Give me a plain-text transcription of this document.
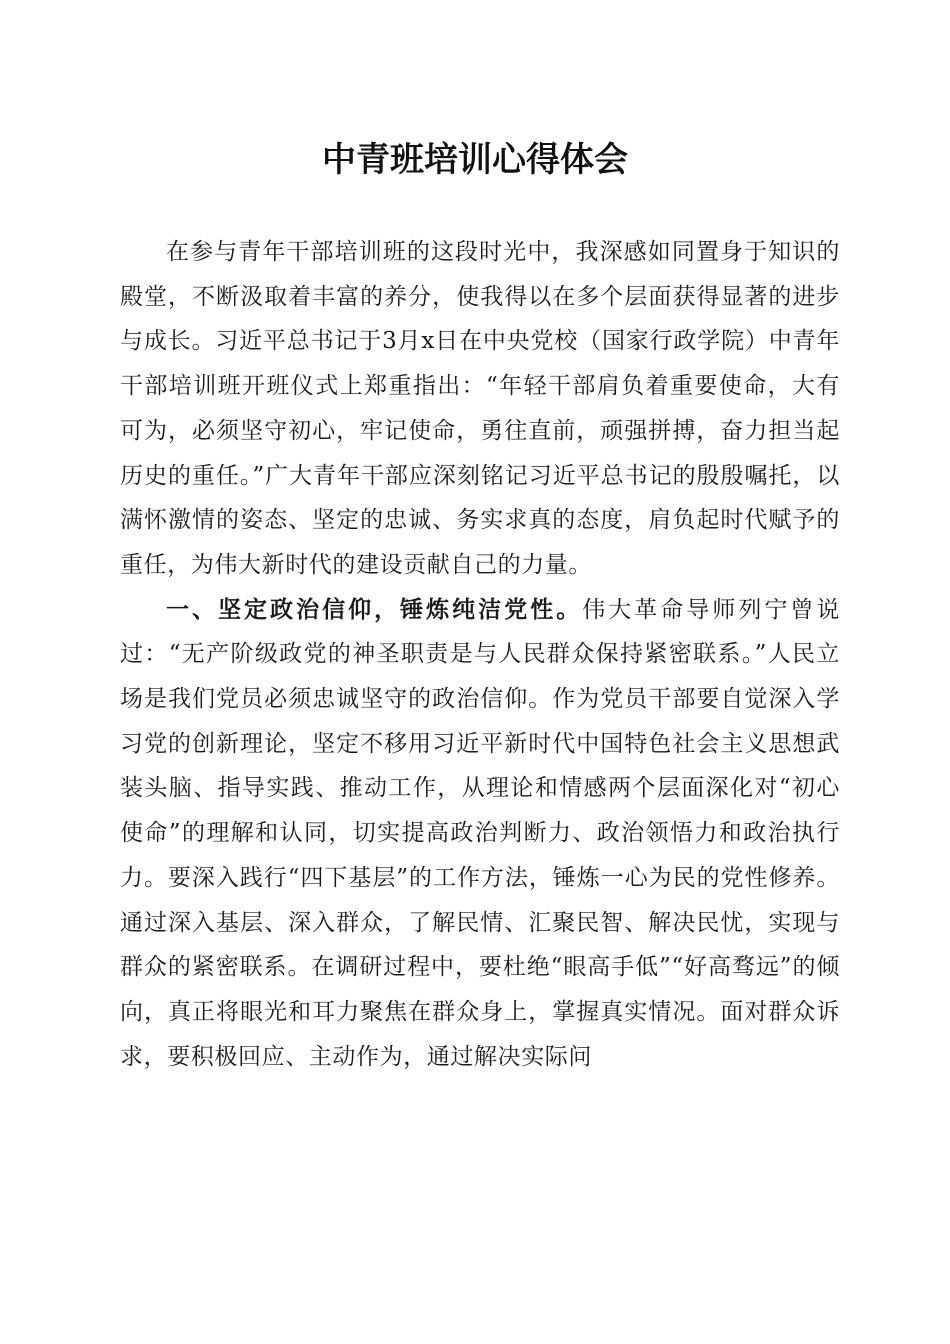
中青班培训心得体会

在参与青年干部培训班的这段时光中，我深感如同置身于知识的殿堂，不断汲取着丰富的养分，使我得以在多个层面获得显著的进步与成长。习近平总书记于3月x日在中央党校（国家行政学院）中青年干部培训班开班仪式上郑重指出：“年轻干部肩负着重要使命，大有可为，必须坚守初心，牢记使命，勇往直前，顽强拼搏，奋力担当起历史的重任。”广大青年干部应深刻铭记习近平总书记的殷殷嘱托，以满怀激情的姿态、坚定的忠诚、务实求真的态度，肩负起时代赋予的重任，为伟大新时代的建设贡献自己的力量。

一、坚定政治信仰，锤炼纯洁党性。伟大革命导师列宁曾说过：“无产阶级政党的神圣职责是与人民群众保持紧密联系。”人民立场是我们党员必须忠诚坚守的政治信仰。作为党员干部要自觉深入学习党的创新理论，坚定不移用习近平新时代中国特色社会主义思想武装头脑、指导实践、推动工作，从理论和情感两个层面深化对“初心使命”的理解和认同，切实提高政治判断力、政治领悟力和政治执行力。要深入践行“四下基层”的工作方法，锤炼一心为民的党性修养。通过深入基层、深入群众，了解民情、汇聚民智、解决民忧，实现与群众的紧密联系。在调研过程中，要杜绝“眼高手低”“好高骛远”的倾向，真正将眼光和耳力聚焦在群众身上，掌握真实情况。面对群众诉求，要积极回应、主动作为，通过解决实际问
